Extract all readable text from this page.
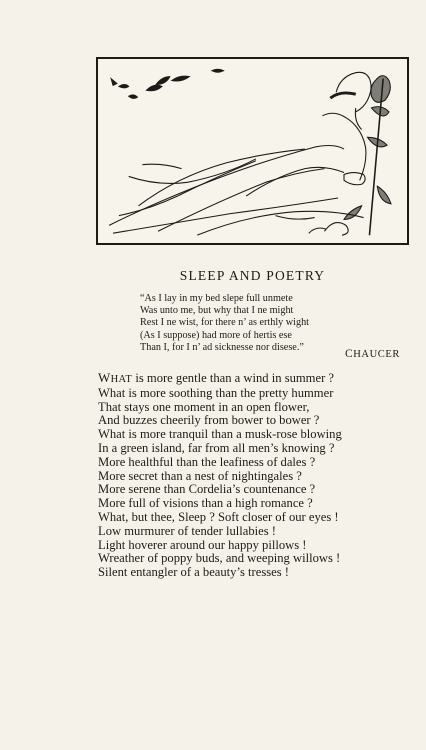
SLEEP AND POETRY
“As I lay in my bed slepe full unmete
Was unto me, but why that I ne might
Rest I ne wist, for there n’ as erthly wight
(As I suppose) had more of hertis ese
Than I, for I n’ ad sicknesse nor disese.”
CHAUCER
WHAT is more gentle than a wind in summer ?
What is more soothing than the pretty hummer
That stays one moment in an open flower,
And buzzes cheerily from bower to bower ?
What is more tranquil than a musk-rose blowing
In a green island, far from all men’s knowing ?
More healthful than the leafiness of dales ?
More secret than a nest of nightingales ?
More serene than Cordelia’s countenance ?
More full of visions than a high romance ?
What, but thee, Sleep ? Soft closer of our eyes !
Low murmurer of tender lullabies !
Light hoverer around our happy pillows !
Wreather of poppy buds, and weeping willows !
Silent entangler of a beauty’s tresses !
